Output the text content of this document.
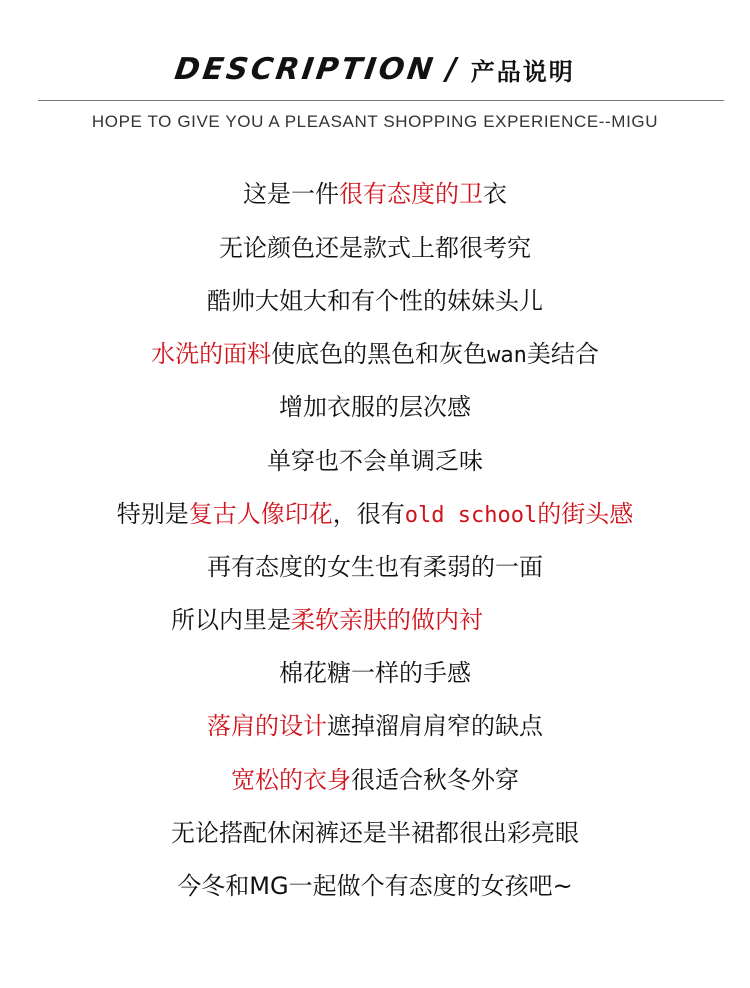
DESCRIPTION / 产品说明
HOPE TO GIVE YOU A PLEASANT SHOPPING EXPERIENCE--MIGU
这是一件很有态度的卫衣
无论颜色还是款式上都很考究
酷帅大姐大和有个性的妹妹头儿
水洗的面料使底色的黑色和灰色wan美结合
增加衣服的层次感
单穿也不会单调乏味
特别是复古人像印花，很有old school的街头感
再有态度的女生也有柔弱的一面
所以内里是柔软亲肤的做内衬
棉花糖一样的手感
落肩的设计遮掉溜肩肩窄的缺点
宽松的衣身很适合秋冬外穿
无论搭配休闲裤还是半裙都很出彩亮眼
今冬和MG一起做个有态度的女孩吧~
